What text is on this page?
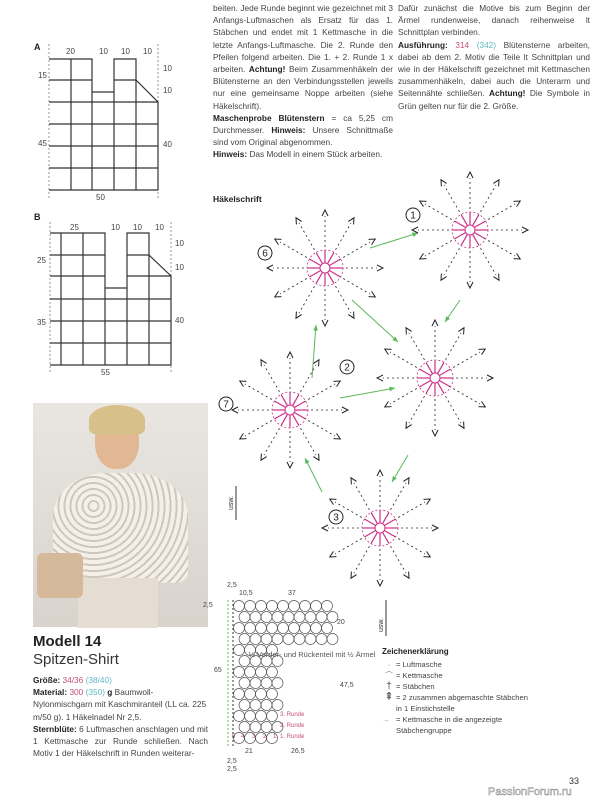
A	20	10 10 10
15
45
10
10
40
50
B
25	10 10 10
25
35
10
10
40
55

beiten. Jede Runde beginnt wie gezeichnet mit 3 Anfangs-Luftmaschen als Ersatz für das 1. Stäbchen und endet mit 1 Kettmasche in die letzte Anfangs-Luftmasche. Die 2. Runde den Pfeilen folgend arbeiten. Die 1. + 2. Runde 1 x arbeiten. Achtung! Beim Zusammenhäkeln der Blütensterne an den Verbindungsstellen jeweils nur eine gemeinsame Noppe arbeiten (siehe Häkelschrift).

Maschenprobe Blütenstern = ca 5,25 cm Durchmesser. Hinweis: Unsere Schnittmaße sind vom Original abgenommen.

Hinweis: Das Modell in einem Stück arbeiten.

Dafür zunächst die Motive bis zum Beginn der Ärmel rundenweise, danach reihenweise lt Schnittplan verbinden.

Ausführung: 314 (342) Blütensterne arbeiten, dabei ab dem 2. Motiv die Teile lt Schnittplan und wie in der Häkelschrift gezeichnet mit Kettmaschen zusammenhäkeln, dabei auch die Unterarm und Seitennähte schließen. Achtung! Die Symbole in Grün gelten nur für die 2. Größe.

Häkelschrift
1
6
2
7
3
usw.
usw.
Modell 14
Spitzen-Shirt

Größe: 34/36 (38/40)

Material: 300 (350) g Baumwoll-Nylonmischgarn mit Kaschmiranteil (LL ca. 225 m/50 g). 1 Häkelnadel Nr 2,5.

Sternblüte: 6 Luftmaschen anschlagen und mit 1 Kettmasche zur Runde schließen. Nach Motiv 1 der Häkelschrift in Runden weiterar-

2,5
10,5	37
2,5
65
20
47,5
2,5
21	26,5
2,5
½ Vorder- und Rückenteil mit ½ Ärmel
3. Runde
2. Runde
1. Runde
5 4 3 2 1
Zeichenerklärung
· = Luftmasche
⌒ = Kettmasche
† = Stäbchen
⇞ = 2 zusammen abgemaschte Stäbchen in 1 Einstichstelle
→ = Kettmasche in die angezeigte Stäbchengruppe
33
PassionForum.ru
